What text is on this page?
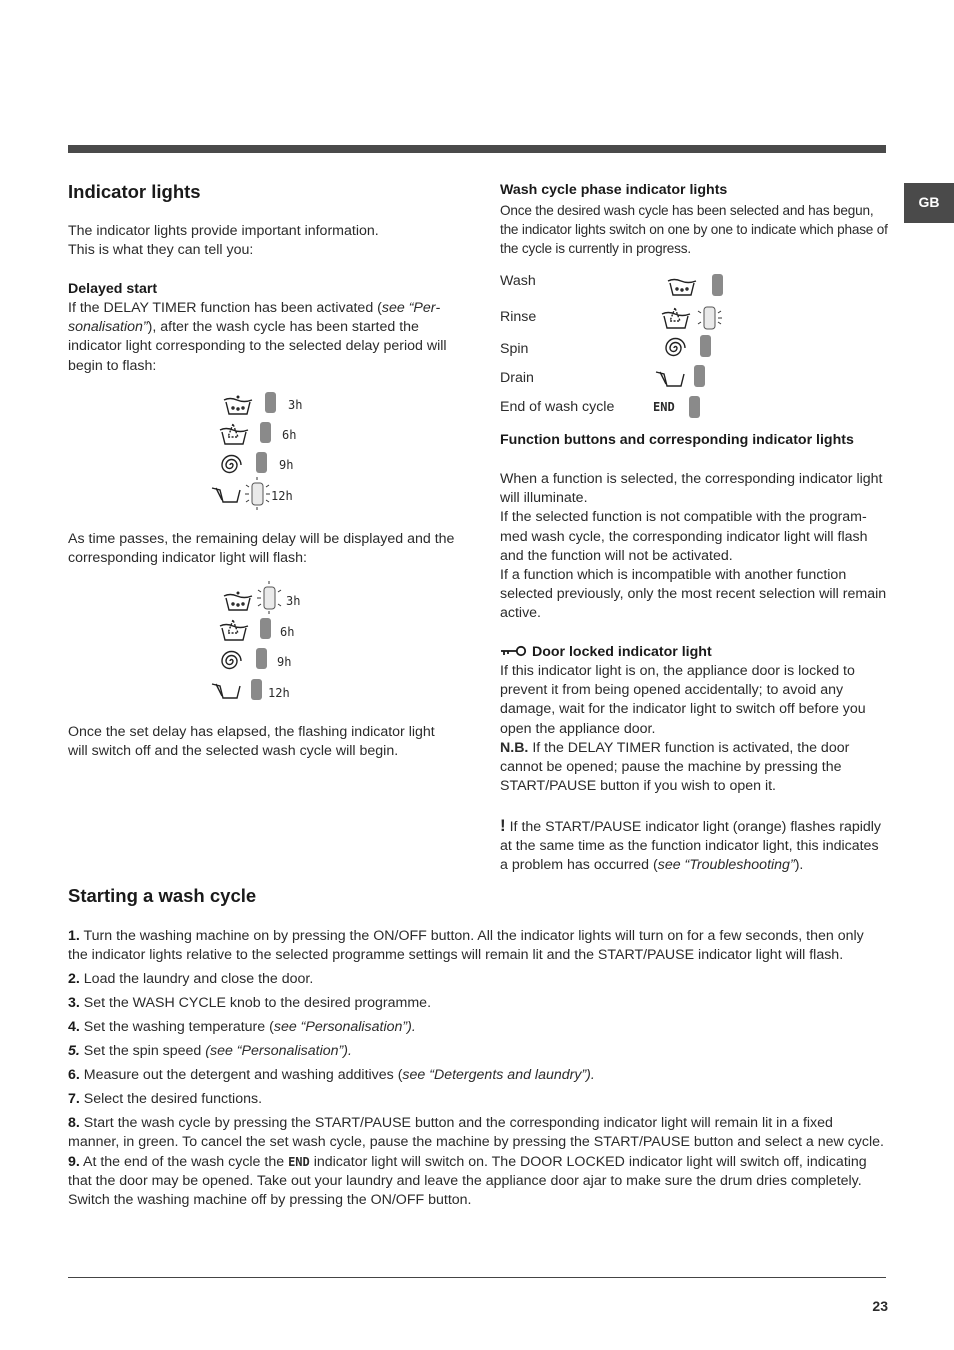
GB
23
Indicator lights

The indicator lights provide important information.

This is what they can tell you:

Delayed start

If the DELAY TIMER function has been activated (see “Personalisation”), after the wash cycle has been started the indicator light corresponding to the selected delay period will begin to flash:

3h
6h
9h
12h

As time passes, the remaining delay will be displayed and the corresponding indicator light will flash:

3h
6h
9h
12h

Once the set delay has elapsed, the flashing indicator light will switch off and the selected wash cycle will begin.

Wash cycle phase indicator lights

Once the desired wash cycle has been selected and has begun, the indicator lights switch on one by one to indicate which phase of the cycle is currently in progress.

Wash
Rinse
Spin
Drain
End of wash cycle	END
Function buttons and corresponding indicator lights

When a function is selected, the corresponding indicator light will illuminate.

If the selected function is not compatible with the programmed wash cycle, the corresponding indicator light will flash and the function will not be activated.

If a function which is incompatible with another function selected previously, only the most recent selection will remain active.

Door locked indicator light

If this indicator light is on, the appliance door is locked to prevent it from being opened accidentally; to avoid any damage, wait for the indicator light to switch off before you open the appliance door.

N.B. If the DELAY TIMER function is activated, the door cannot be opened; pause the machine by pressing the START/PAUSE button if you wish to open it.

! If the START/PAUSE indicator light (orange) flashes rapidly at the same time as the function indicator light, this indicates a problem has occurred (see “Troubleshooting”).

Starting a wash cycle

1. Turn the washing machine on by pressing the ON/OFF button. All the indicator lights will turn on for a few seconds, then only the indicator lights relative to the selected programme settings will remain lit and the START/PAUSE indicator light will flash.

2. Load the laundry and close the door.

3. Set the WASH CYCLE knob to the desired programme.

4. Set the washing temperature (see “Personalisation”).

5. Set the spin speed (see “Personalisation”).

6. Measure out the detergent and washing additives (see “Detergents and laundry”).

7. Select the desired functions.

8. Start the wash cycle by pressing the START/PAUSE button and the corresponding indicator light will remain lit in a fixed manner, in green. To cancel the set wash cycle, pause the machine by pressing the START/PAUSE button and select a new cycle.

9. At the end of the wash cycle the END indicator light will switch on. The DOOR LOCKED indicator light will switch off, indicating that the door may be opened. Take out your laundry and leave the appliance door ajar to make sure the drum dries completely. Switch the washing machine off by pressing the ON/OFF button.
